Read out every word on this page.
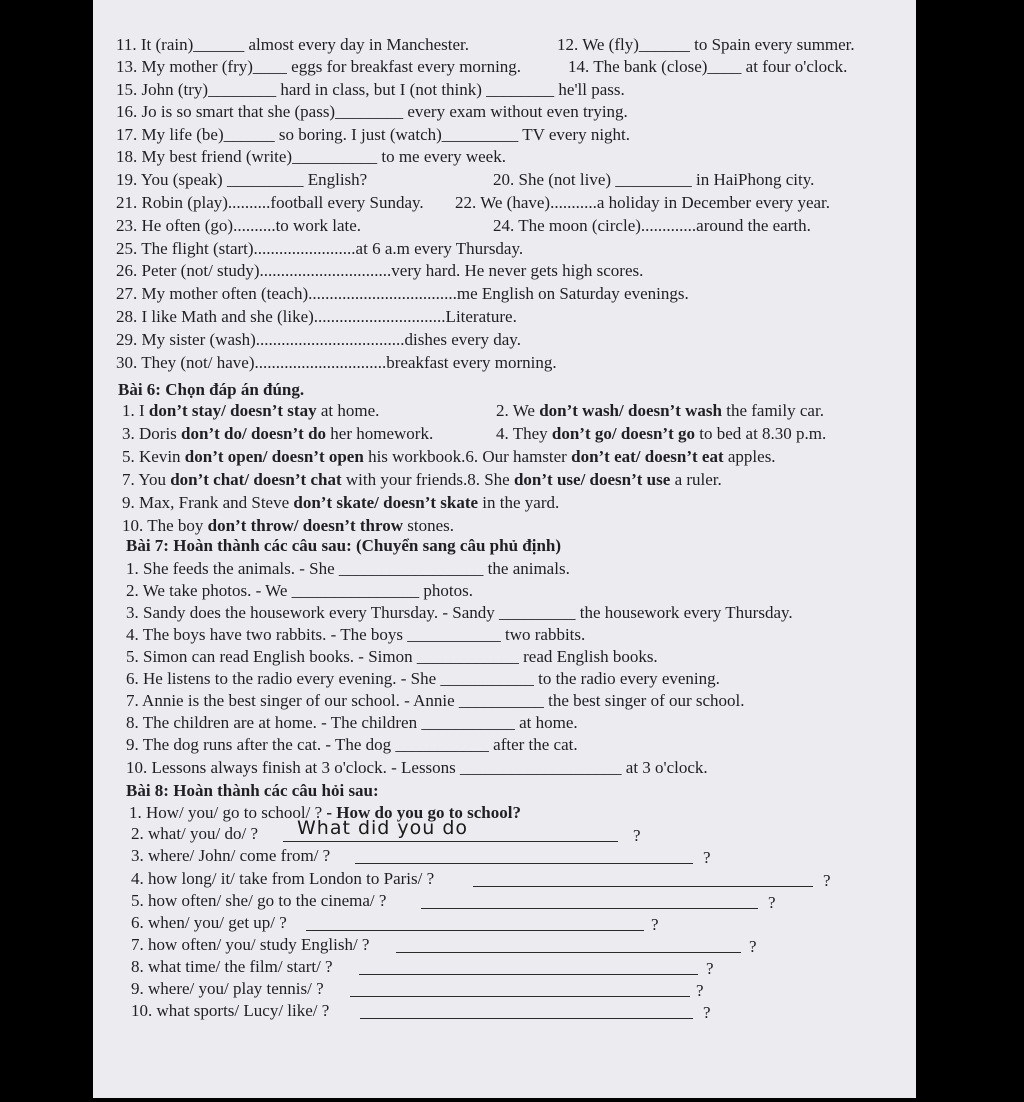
11. It (rain)______ almost every day in Manchester.	12. We (fly)______ to Spain every summer.
13. My mother (fry)____ eggs for breakfast every morning.	14. The bank (close)____ at four o'clock.
15. John (try)________ hard in class, but I (not think) ________ he'll pass.
16. Jo is so smart that she (pass)________ every exam without even trying.
17. My life (be)______ so boring. I just (watch)_________ TV every night.
18. My best friend (write)__________ to me every week.
19. You (speak) _________ English?	20. She (not live) _________ in HaiPhong city.
21. Robin (play)..........football every Sunday. 22. We (have)...........a holiday in December every year.
23. He often (go)..........to work late.	24. The moon (circle).............around the earth.
25. The flight (start)........................at 6 a.m every Thursday.
26. Peter (not/ study)...............................very hard. He never gets high scores.
27. My mother often (teach)...................................me English on Saturday evenings.
28. I like Math and she (like)...............................Literature.
29. My sister (wash)...................................dishes every day.
30. They (not/ have)...............................breakfast every morning.
Bài 6: Chọn đáp án đúng.
1. I don’t stay/ doesn’t stay at home.	2. We don’t wash/ doesn’t wash the family car.
3. Doris don’t do/ doesn’t do her homework.	4. They don’t go/ doesn’t go to bed at 8.30 p.m.
5. Kevin don’t open/ doesn’t open his workbook.6. Our hamster don’t eat/ doesn’t eat apples.
7. You don’t chat/ doesn’t chat with your friends.8. She don’t use/ doesn’t use a ruler.
9. Max, Frank and Steve don’t skate/ doesn’t skate in the yard.
10. The boy don’t throw/ doesn’t throw stones.
Bài 7: Hoàn thành các câu sau: (Chuyển sang câu phủ định)
1. She feeds the animals. - She _________________ the animals.
2. We take photos. - We _______________ photos.
3. Sandy does the housework every Thursday. - Sandy _________ the housework every Thursday.
4. The boys have two rabbits. - The boys ___________ two rabbits.
5. Simon can read English books. - Simon ____________ read English books.
6. He listens to the radio every evening. - She ___________ to the radio every evening.
7. Annie is the best singer of our school. - Annie __________ the best singer of our school.
8. The children are at home. - The children ___________ at home.
9. The dog runs after the cat. - The dog ___________ after the cat.
10. Lessons always finish at 3 o'clock. - Lessons ___________________ at 3 o'clock.
Bài 8: Hoàn thành các câu hỏi sau:
1. How/ you/ go to school/ ? - How do you go to school?
2. what/ you/ do/ ? What did you do	?
3. where/ John/ come from/ ?	?
4. how long/ it/ take from London to Paris/ ?	?
5. how often/ she/ go to the cinema/ ?	?
6. when/ you/ get up/ ?	?
7. how often/ you/ study English/ ?	?
8. what time/ the film/ start/ ?	?
9. where/ you/ play tennis/ ?	?
10. what sports/ Lucy/ like/ ?	?
